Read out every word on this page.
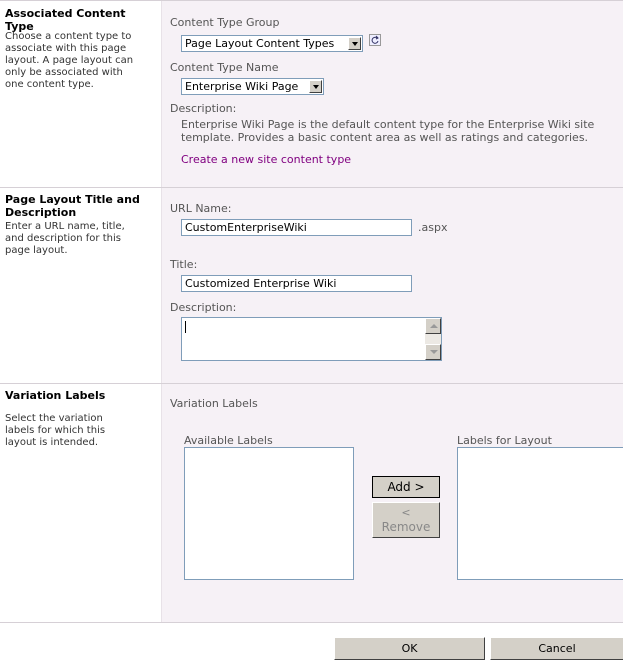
Associated Content Type
Choose a content type to associate with this page layout. A page layout can only be associated with one content type.
Content Type Group
Page Layout Content Types
Content Type Name
Enterprise Wiki Page
Description:
Enterprise Wiki Page is the default content type for the Enterprise Wiki site template. Provides a basic content area as well as ratings and categories.
Create a new site content type
Page Layout Title and Description
Enter a URL name, title, and description for this page layout.
URL Name:
CustomEnterpriseWiki
.aspx
Title:
Customized Enterprise Wiki
Description:
Variation Labels
Select the variation labels for which this layout is intended.
Variation Labels
Available Labels
Add >
<
Remove
Labels for Layout
OK	Cancel
